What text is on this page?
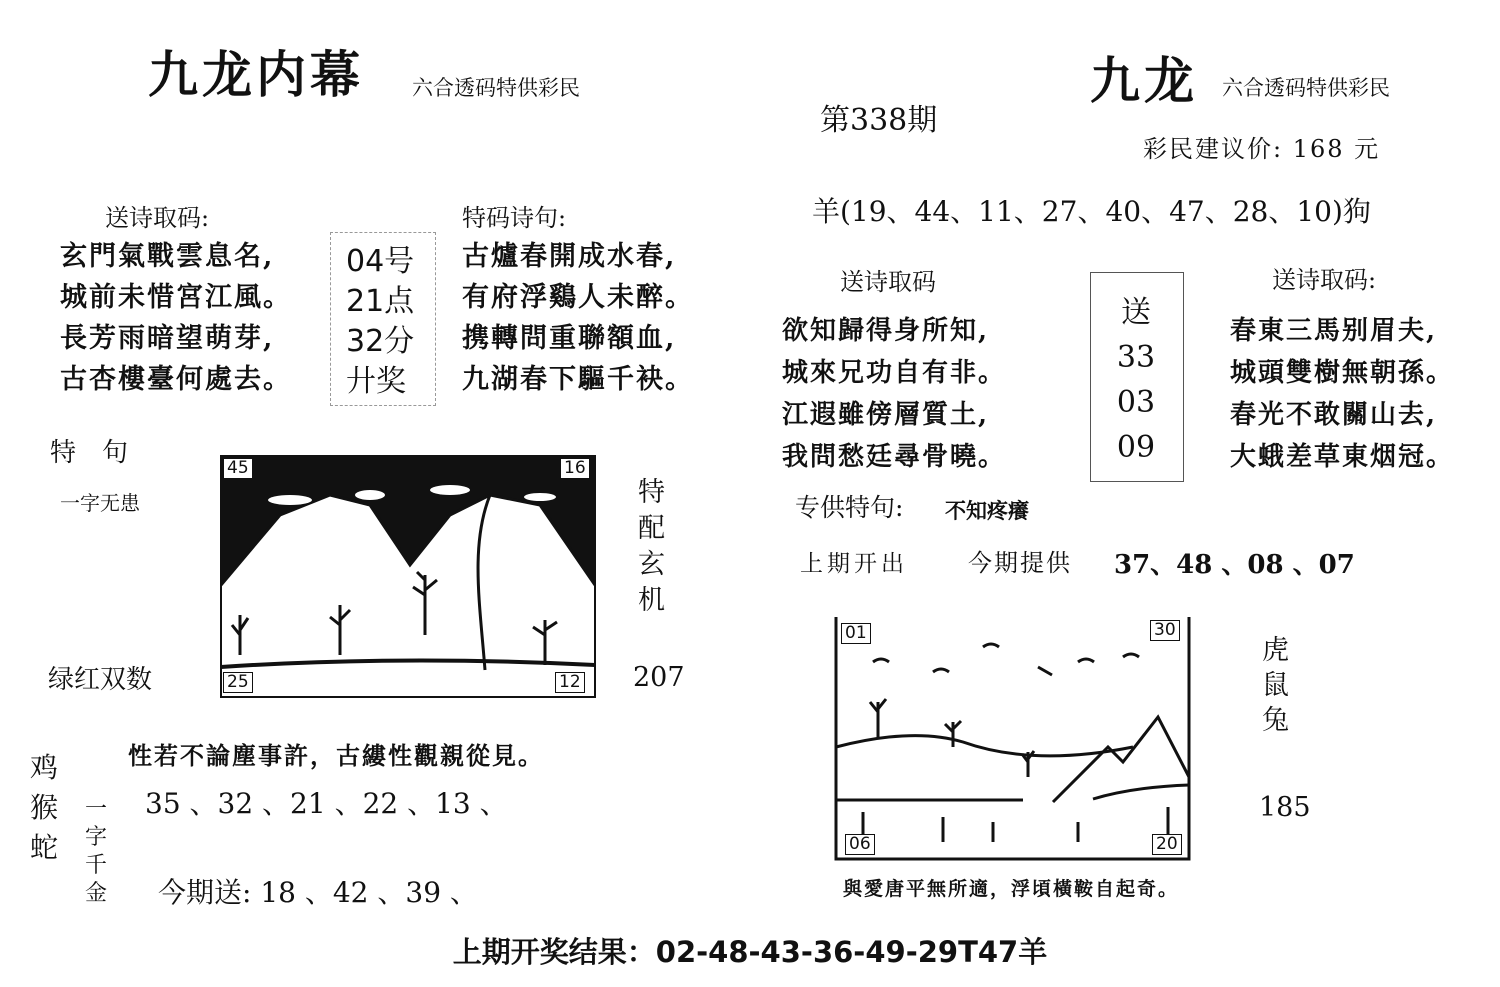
九龙内幕 六合透码特供彩民
第338期
九龙 六合透码特供彩民
彩民建议价: 168 元
羊(19、44、11、27、40、47、28、10)狗
送诗取码:
玄門氣戰雲息名,
城前未惜宮江風。
長芳雨暗望萌芽,
古杏樓臺何處去。
04号
21点
32分
廾奖
特码诗句:
古爐春開成水春,
有府浮鷄人未醉。
携轉問重聯額血,
九湖春下驅千袂。
特　句
一字无患
45	16
25	12
特
配
玄
机
绿红双数	207
性若不論塵事許，古縷性觀親從見。
鸡
猴
蛇
一
字
千
金
35 、32 、21 、22 、13 、
今期送: 18 、42 、39 、
送诗取码
欲知歸得身所知,
城來兄功自有非。
江遐雖傍層質土,
我問愁廷尋骨曉。
送
33
03
09
送诗取码:
春東三馬别眉夫,
城頭雙樹無朝孫。
春光不敢關山去,
大蛾差草東烟冠。
专供特句: 不知疼癢
上期开出	今期提供 37、48 、08 、07
01	30
06	20
虎
鼠
兔
185
與愛唐平無所適，浮頃橫鞍自起奇。
上期开奖结果：02-48-43-36-49-29T47羊
